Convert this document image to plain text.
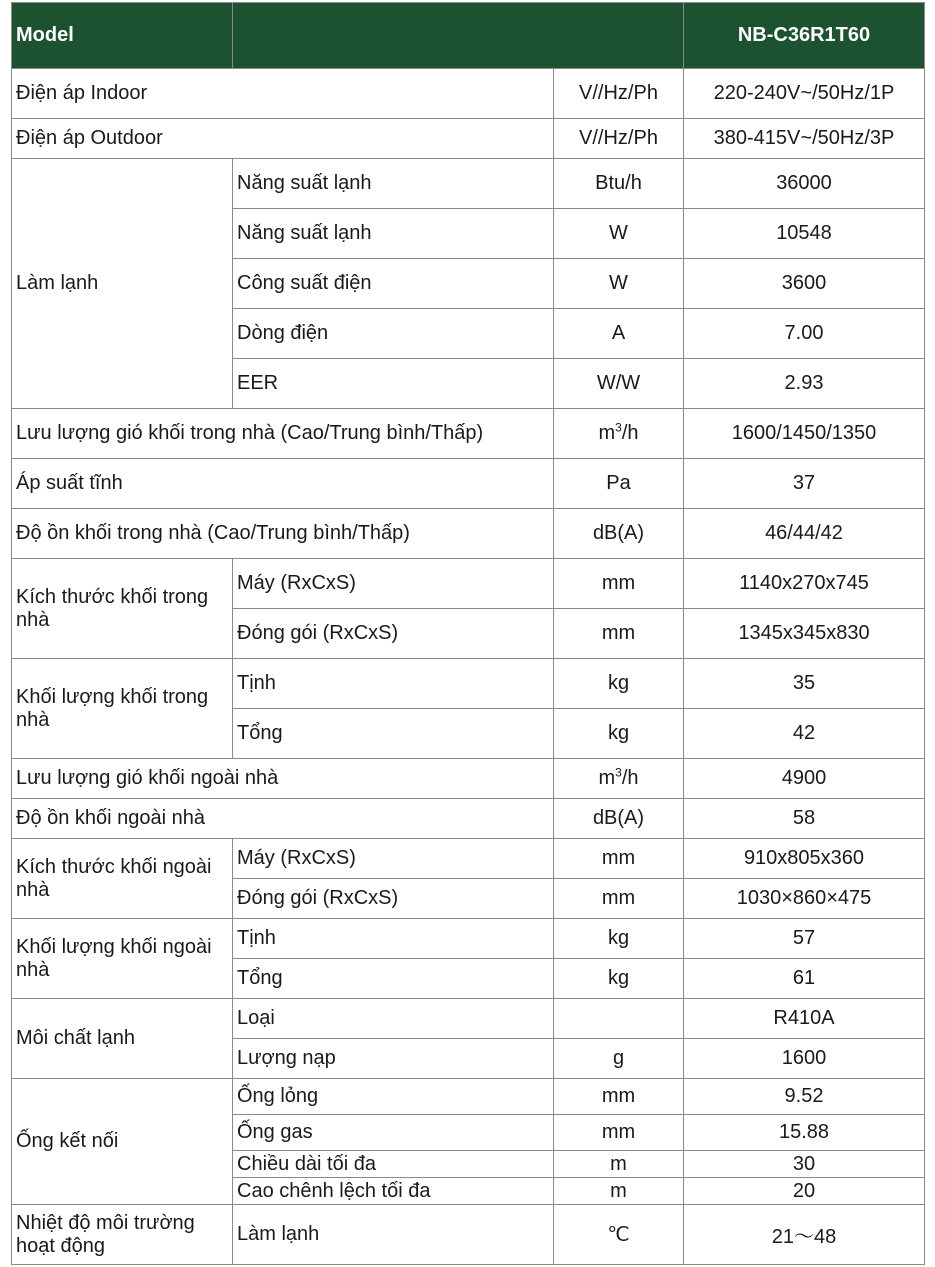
Model			NB-C36R1T60
Điện áp Indoor		V//Hz/Ph	220-240V~/50Hz/1P
Điện áp Outdoor		V//Hz/Ph	380-415V~/50Hz/3P
Làm lạnh	Năng suất lạnh	Btu/h	36000
	Năng suất lạnh	W	10548
	Công suất điện	W	3600
	Dòng điện	A	7.00
	EER	W/W	2.93
Lưu lượng gió khối trong nhà (Cao/Trung bình/Thấp)		$m^3/h$	1600/1450/1350
Áp suất tĩnh		Pa	37
Độ ồn khối trong nhà (Cao/Trung bình/Thấp)		dB(A)	46/44/42
Kích thước khối trong nhà	Máy (RxCxS)	mm	1140x270x745
	Đóng gói (RxCxS)	mm	1345x345x830
Khối lượng khối trong nhà	Tịnh	kg	35
	Tổng	kg	42
Lưu lượng gió khối ngoài nhà		$m^3/h$	4900
Độ ồn khối ngoài nhà		dB(A)	58
Kích thước khối ngoài nhà	Máy (RxCxS)	mm	910x805x360
	Đóng gói (RxCxS)	mm	1030×860×475
Khối lượng khối ngoài nhà	Tịnh	kg	57
	Tổng	kg	61
Môi chất lạnh	Loại		R410A
	Lượng nạp	g	1600
Ống kết nối	Ống lỏng	mm	9.52
	Ống gas	mm	15.88
	Chiều dài tối đa	m	30
	Cao chênh lệch tối đa	m	20
Nhiệt độ môi trường hoạt động	Làm lạnh	℃	21～48
